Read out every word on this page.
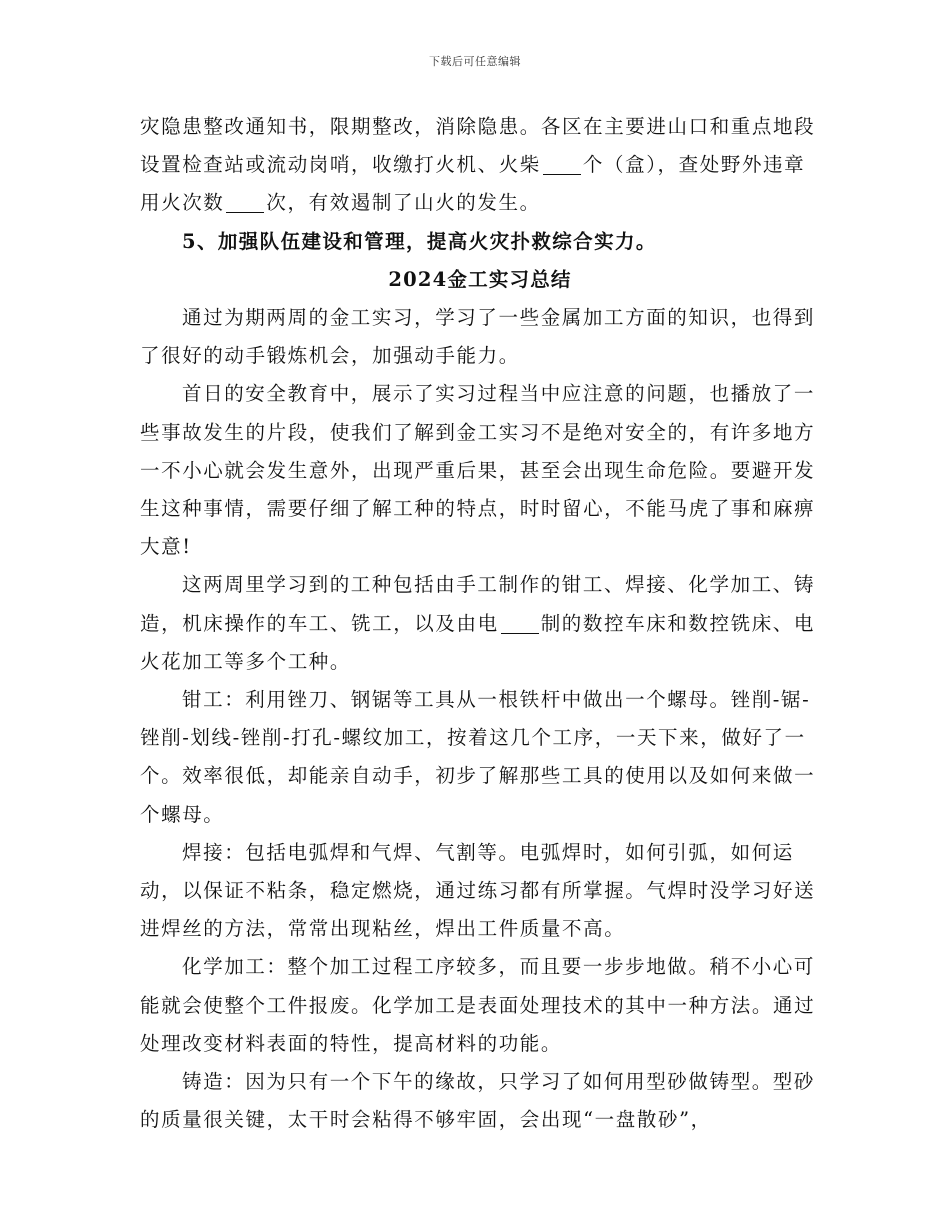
下载后可任意编辑

灾隐患整改通知书，限期整改，消除隐患。各区在主要进山口和重点地段设置检查站或流动岗哨，收缴打火机、火柴 个（盒），查处野外违章用火次数 次，有效遏制了山火的发生。

5、加强队伍建设和管理，提高火灾扑救综合实力。

2024金工实习总结

通过为期两周的金工实习，学习了一些金属加工方面的知识，也得到了很好的动手锻炼机会，加强动手能力。

首日的安全教育中，展示了实习过程当中应注意的问题，也播放了一些事故发生的片段，使我们了解到金工实习不是绝对安全的，有许多地方一不小心就会发生意外，出现严重后果，甚至会出现生命危险。要避开发生这种事情，需要仔细了解工种的特点，时时留心，不能马虎了事和麻痹大意!

这两周里学习到的工种包括由手工制作的钳工、焊接、化学加工、铸造，机床操作的车工、铣工，以及由电 制的数控车床和数控铣床、电火花加工等多个工种。

钳工：利用锉刀、钢锯等工具从一根铁杆中做出一个螺母。锉削-锯-锉削-划线-锉削-打孔-螺纹加工，按着这几个工序，一天下来，做好了一个。效率很低，却能亲自动手，初步了解那些工具的使用以及如何来做一个螺母。

焊接：包括电弧焊和气焊、气割等。电弧焊时，如何引弧，如何运动，以保证不粘条，稳定燃烧，通过练习都有所掌握。气焊时没学习好送进焊丝的方法，常常出现粘丝，焊出工件质量不高。

化学加工：整个加工过程工序较多，而且要一步步地做。稍不小心可能就会使整个工件报废。化学加工是表面处理技术的其中一种方法。通过处理改变材料表面的特性，提高材料的功能。

铸造：因为只有一个下午的缘故，只学习了如何用型砂做铸型。型砂的质量很关键，太干时会粘得不够牢固，会出现“一盘散砂”，
